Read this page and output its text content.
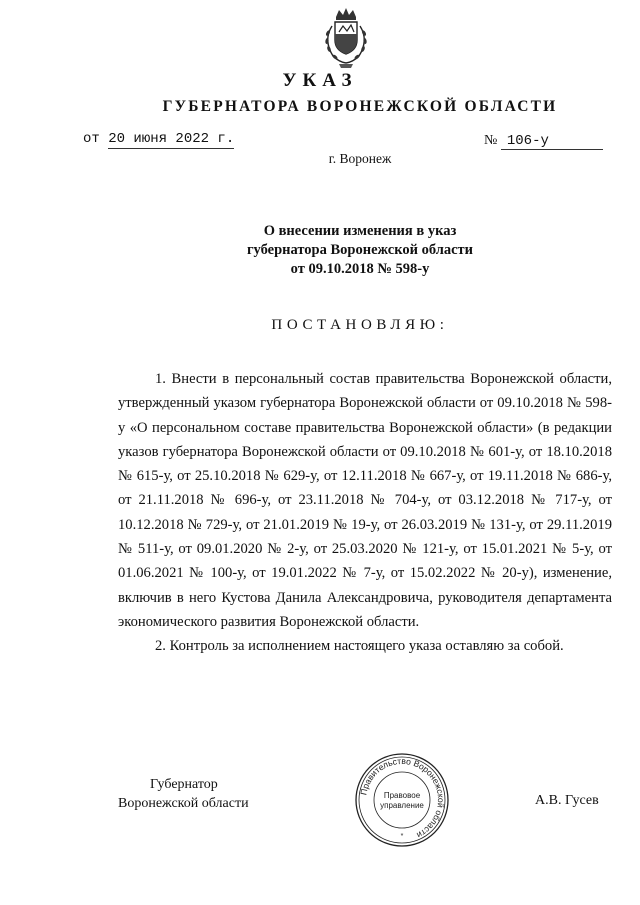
УКАЗ
ГУБЕРНАТОРА ВОРОНЕЖСКОЙ ОБЛАСТИ
от 20 июня 2022 г.	№ 106-у
г. Воронеж
О внесении изменения в указ
губернатора Воронежской области
от 09.10.2018 № 598-у
ПОСТАНОВЛЯЮ:

1. Внести в персональный состав правительства Воронежской области, утвержденный указом губернатора Воронежской области от 09.10.2018 № 598-у «О персональном составе правительства Воронежской области» (в редакции указов губернатора Воронежской области от 09.10.2018 № 601-у, от 18.10.2018 № 615-у, от 25.10.2018 № 629-у, от 12.11.2018 № 667-у, от 19.11.2018 № 686-у, от 21.11.2018 № 696-у, от 23.11.2018 № 704-у, от 03.12.2018 № 717-у, от 10.12.2018 № 729-у, от 21.01.2019 № 19-у, от 26.03.2019 № 131-у, от 29.11.2019 № 511-у, от 09.01.2020 № 2-у, от 25.03.2020 № 121-у, от 15.01.2021 № 5-у, от 01.06.2021 № 100-у, от 19.01.2022 № 7-у, от 15.02.2022 № 20-у), изменение, включив в него Кустова Данила Александровича, руководителя департамента экономического развития Воронежской области.

2. Контроль за исполнением настоящего указа оставляю за собой.

Губернатор
Воронежской области
Правительство Воронежской области
Правовое
управление
*
А.В. Гусев
